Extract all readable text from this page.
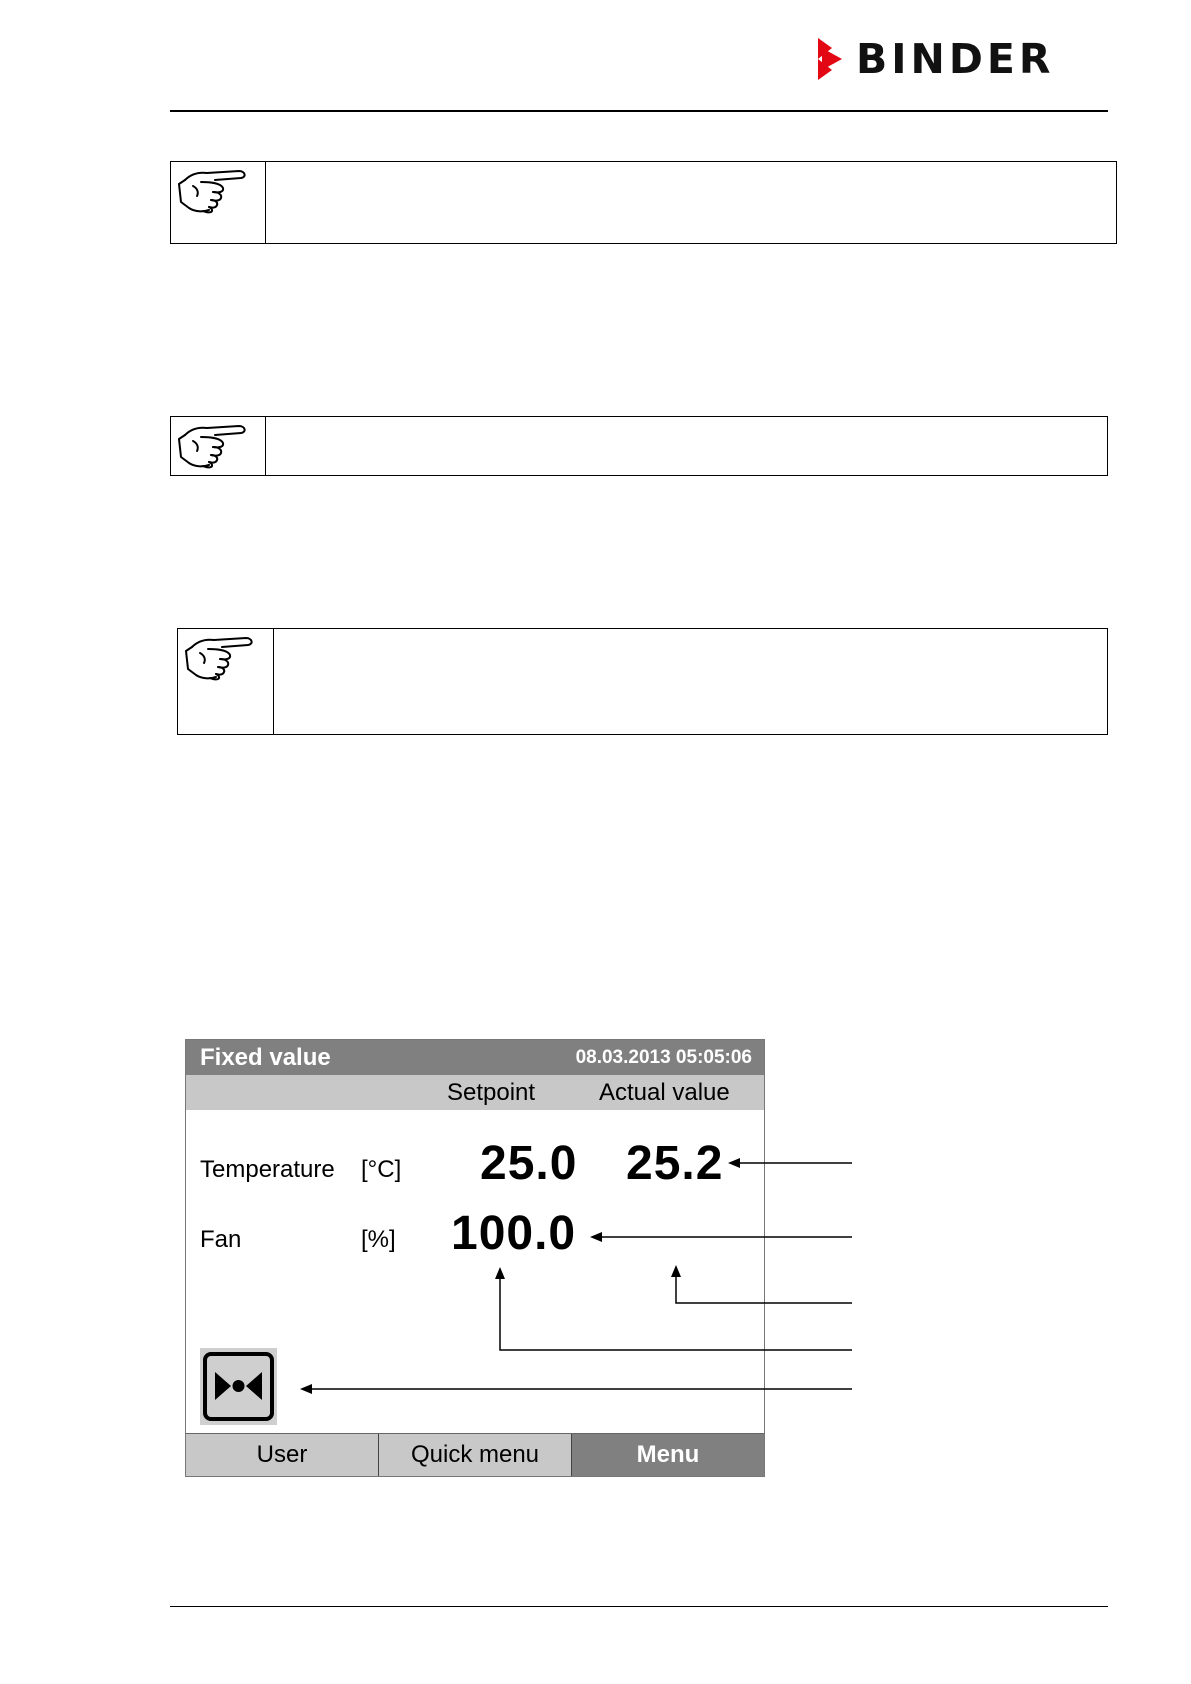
BINDER
Fixed value	08.03.2013 05:05:06
Setpoint	Actual value
Temperature [°C] 25.0 25.2
Fan	[%] 100.0
User	Quick menu	Menu
